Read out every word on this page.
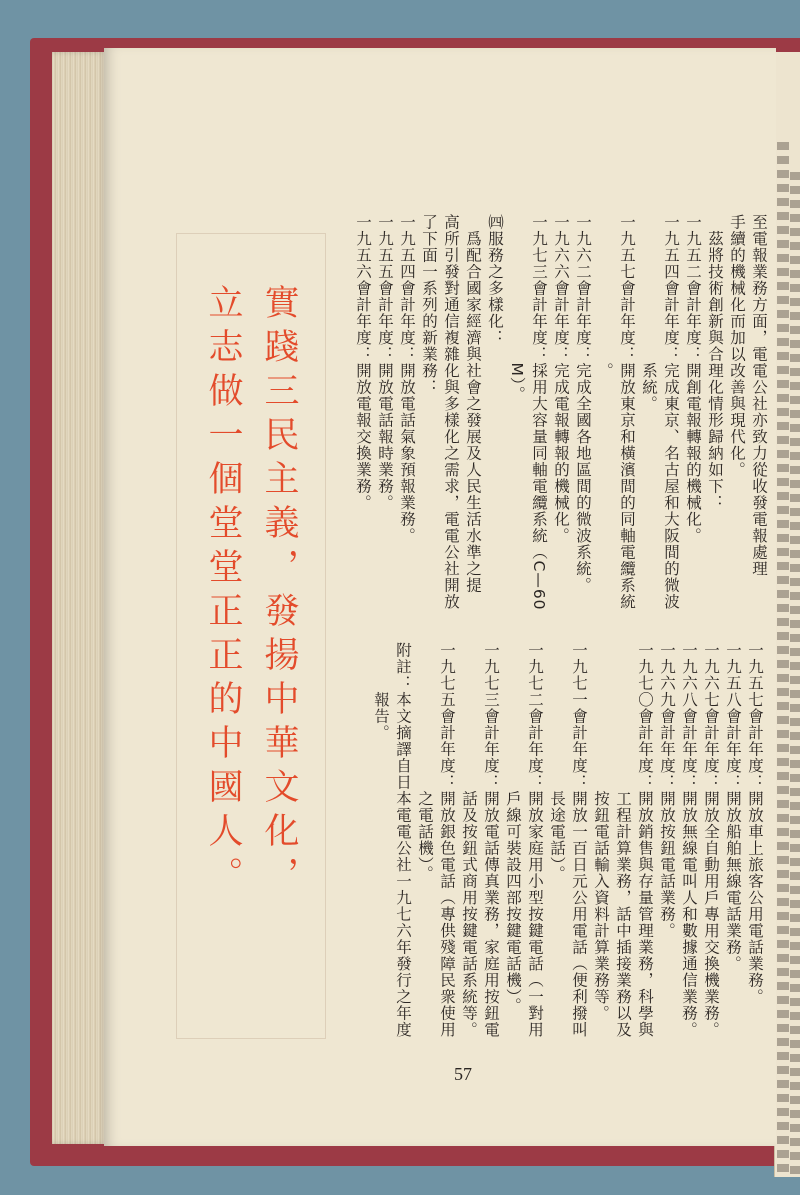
實踐三民主義，發揚中華文化，
立志做一個堂堂正正的中國人。	至電報業務方面，電電公社亦致力從收發電報處理
手續的機械化而加以改善與現代化。
　茲將技術創新與合理化情形歸納如下：
一九五二會計年度：開創電報轉報的機械化。
一九五四會計年度：完成東京、名古屋和大阪間的微波
　　　　　　　　　系統。
一九五七會計年度：開放東京和橫濱間的同軸電纜系統
　　　　　　　　　。
一九六二會計年度：完成全國各地區間的微波系統。
一九六六會計年度：完成電報轉報的機械化。
一九七三會計年度：採用大容量同軸電纜系統（C—60
　　　　　　　　　M）。
㈣服務之多樣化：
　爲配合國家經濟與社會之發展及人民生活水準之提
高所引發對通信複雜化與多樣化之需求，電電公社開放
了下面一系列的新業務：
一九五四會計年度：開放電話氣象預報業務。
一九五五會計年度：開放電話報時業務。
一九五六會計年度：開放電報交換業務。
一九五七會計年度：開放車上旅客公用電話業務。
一九五八會計年度：開放船舶無線電話業務。
一九六七會計年度：開放全自動用戶專用交換機業務。
一九六八會計年度：開放無線電叫人和數據通信業務。
一九六九會計年度：開放按鈕電話業務。
一九七〇會計年度：開放銷售與存量管理業務，科學與
　　　　　　　　　工程計算業務，話中插接業務以及
　　　　　　　　　按鈕電話輸入資料計算業務等。
一九七一會計年度：開放一百日元公用電話（便利撥叫
　　　　　　　　　長途電話）。
一九七二會計年度：開放家庭用小型按鍵電話（一對用
　　　　　　　　　戶線可裝設四部按鍵電話機）。
一九七三會計年度：開放電話傳真業務，家庭用按鈕電
　　　　　　　　　話及按鈕式商用按鍵電話系統等。
一九七五會計年度：開放銀色電話（專供殘障民衆使用
　　　　　　　　　之電話機）。
附註：本文摘譯自日本電電公社一九七六年發行之年度
　　　報告。
57
